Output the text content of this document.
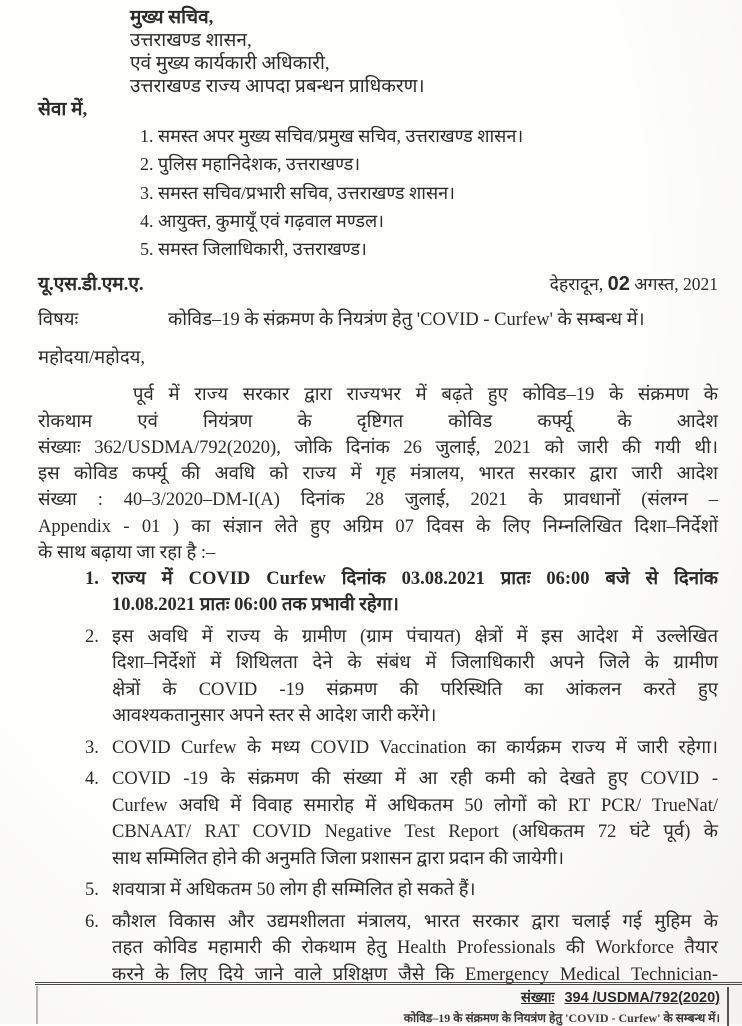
मुख्य सचिव,
उत्तराखण्ड शासन,
एवं मुख्य कार्यकारी अधिकारी,
उत्तराखण्ड राज्य आपदा प्रबन्धन प्राधिकरण।
सेवा में,
1. समस्त अपर मुख्य सचिव/प्रमुख सचिव, उत्तराखण्ड शासन।
2. पुलिस महानिदेशक, उत्तराखण्ड।
3. समस्त सचिव/प्रभारी सचिव, उत्तराखण्ड शासन।
4. आयुक्त, कुमायूँ एवं गढ़वाल मण्डल।
5. समस्त जिलाधिकारी, उत्तराखण्ड।
यू.एस.डी.एम.ए.	देहरादून, 02 अगस्त, 2021
विषयः	कोविड–19 के संक्रमण के नियत्रंण हेतु 'COVID - Curfew' के सम्बन्ध में।
महोदया/महोदय,
पूर्व में राज्य सरकार द्वारा राज्यभर में बढ़ते हुए कोविड–19 के संक्रमण के
रोकथाम एवं नियंत्रण के दृष्टिगत कोविड कर्फ्यू के आदेश
संख्याः 362/USDMA/792(2020), जोकि दिनांक 26 जुलाई, 2021 को जारी की गयी थी।
इस कोविड कर्फ्यू की अवधि को राज्य में गृह मंत्रालय, भारत सरकार द्वारा जारी आदेश
संख्या : 40–3/2020–DM-I(A) दिनांक 28 जुलाई, 2021 के प्रावधानों (संलग्न –
Appendix - 01 ) का संज्ञान लेते हुए अग्रिम 07 दिवस के लिए निम्नलिखित दिशा–निर्देशों
के साथ बढ़ाया जा रहा है :–
1. राज्य में COVID Curfew दिनांक 03.08.2021 प्रातः 06:00 बजे से दिनांक
10.08.2021 प्रातः 06:00 तक प्रभावी रहेगा।
2. इस अवधि में राज्य के ग्रामीण (ग्राम पंचायत) क्षेत्रों में इस आदेश में उल्लेखित
दिशा–निर्देशों में शिथिलता देने के संबंध में जिलाधिकारी अपने जिले के ग्रामीण
क्षेत्रों के COVID -19 संक्रमण की परिस्थिति का आंकलन करते हुए
आवश्यकतानुसार अपने स्तर से आदेश जारी करेंगे।
3. COVID Curfew के मध्य COVID Vaccination का कार्यक्रम राज्य में जारी रहेगा।
4. COVID -19 के संक्रमण की संख्या में आ रही कमी को देखते हुए COVID -
Curfew अवधि में विवाह समारोह में अधिकतम 50 लोगों को RT PCR/ TrueNat/
CBNAAT/ RAT COVID Negative Test Report (अधिकतम 72 घंटे पूर्व) के
साथ सम्मिलित होने की अनुमति जिला प्रशासन द्वारा प्रदान की जायेगी।
5. शवयात्रा में अधिकतम 50 लोग ही सम्मिलित हो सकते हैं।
6. कौशल विकास और उद्यमशीलता मंत्रालय, भारत सरकार द्वारा चलाई गई मुहिम के
तहत कोविड महामारी की रोकथाम हेतु Health Professionals की Workforce तैयार
करने के लिए दिये जाने वाले प्रशिक्षण जैसे कि Emergency Medical Technician-
संख्याः 394 /USDMA/792(2020)
कोविड–19 के संक्रमण के नियत्रंण हेतु 'COVID - Curfew' के सम्बन्ध में।
